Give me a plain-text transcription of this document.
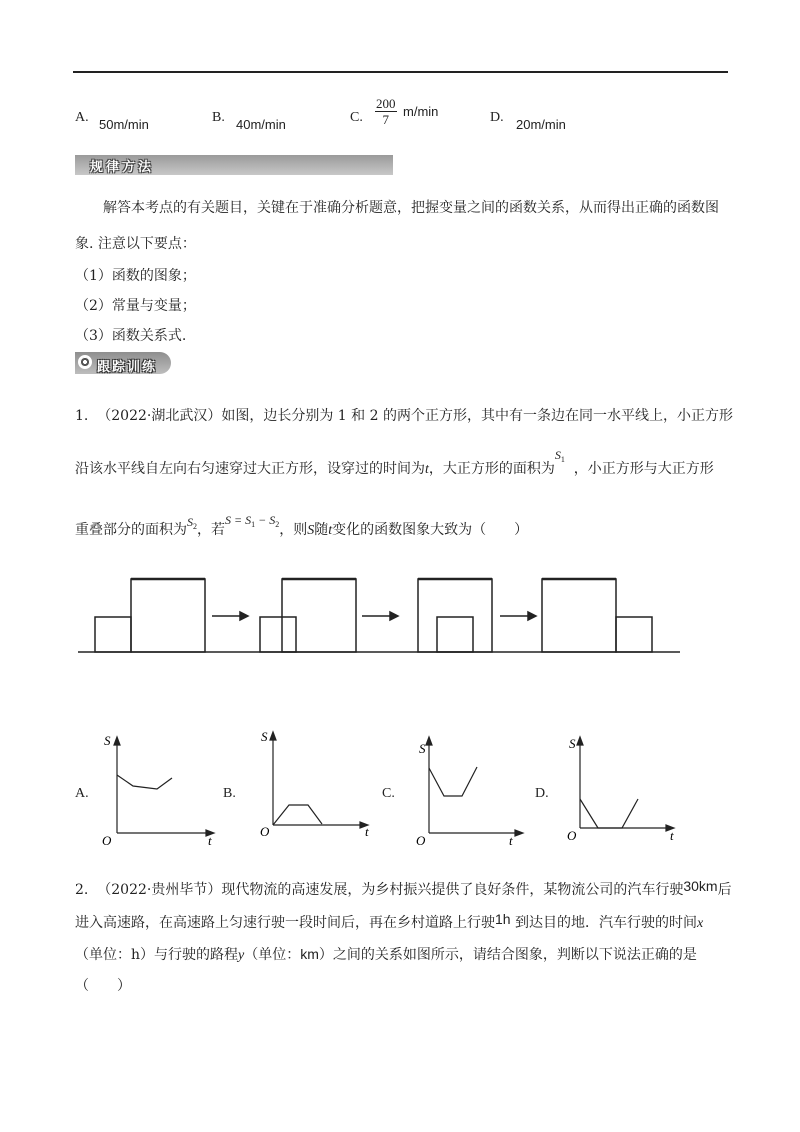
A. 50m/min	B. 40m/min	C. $\frac{200}{7} m/\min$	D. 20m/min
规律方法
解答本考点的有关题目，关键在于准确分析题意，把握变量之间的函数关系，从而得出正确的函数图
象. 注意以下要点：
（1）函数的图象；
（2）常量与变量；
（3）函数关系式.
跟踪训练
1. （2022·湖北武汉）如图，边长分别为 1 和 2 的两个正方形，其中有一条边在同一水平线上，小正方形
沿该水平线自左向右匀速穿过大正方形，设穿过的时间为t，大正方形的面积为$S_1$  ，小正方形与大正方形
重叠部分的面积为$S_2$，若$S = S_1 - S_2$，则S随t变化的函数图象大致为（　　）
A.	B.	C.	D.
S
t
O
S
t
O
S
t
O
S
t
O
2. （2022·贵州毕节）现代物流的高速发展，为乡村振兴提供了良好条件，某物流公司的汽车行驶30km后
进入高速路，在高速路上匀速行驶一段时间后，再在乡村道路上行驶1h 到达目的地．汽车行驶的时间x
（单位：h）与行驶的路程y（单位：km）之间的关系如图所示，请结合图象，判断以下说法正确的是
（　　）
